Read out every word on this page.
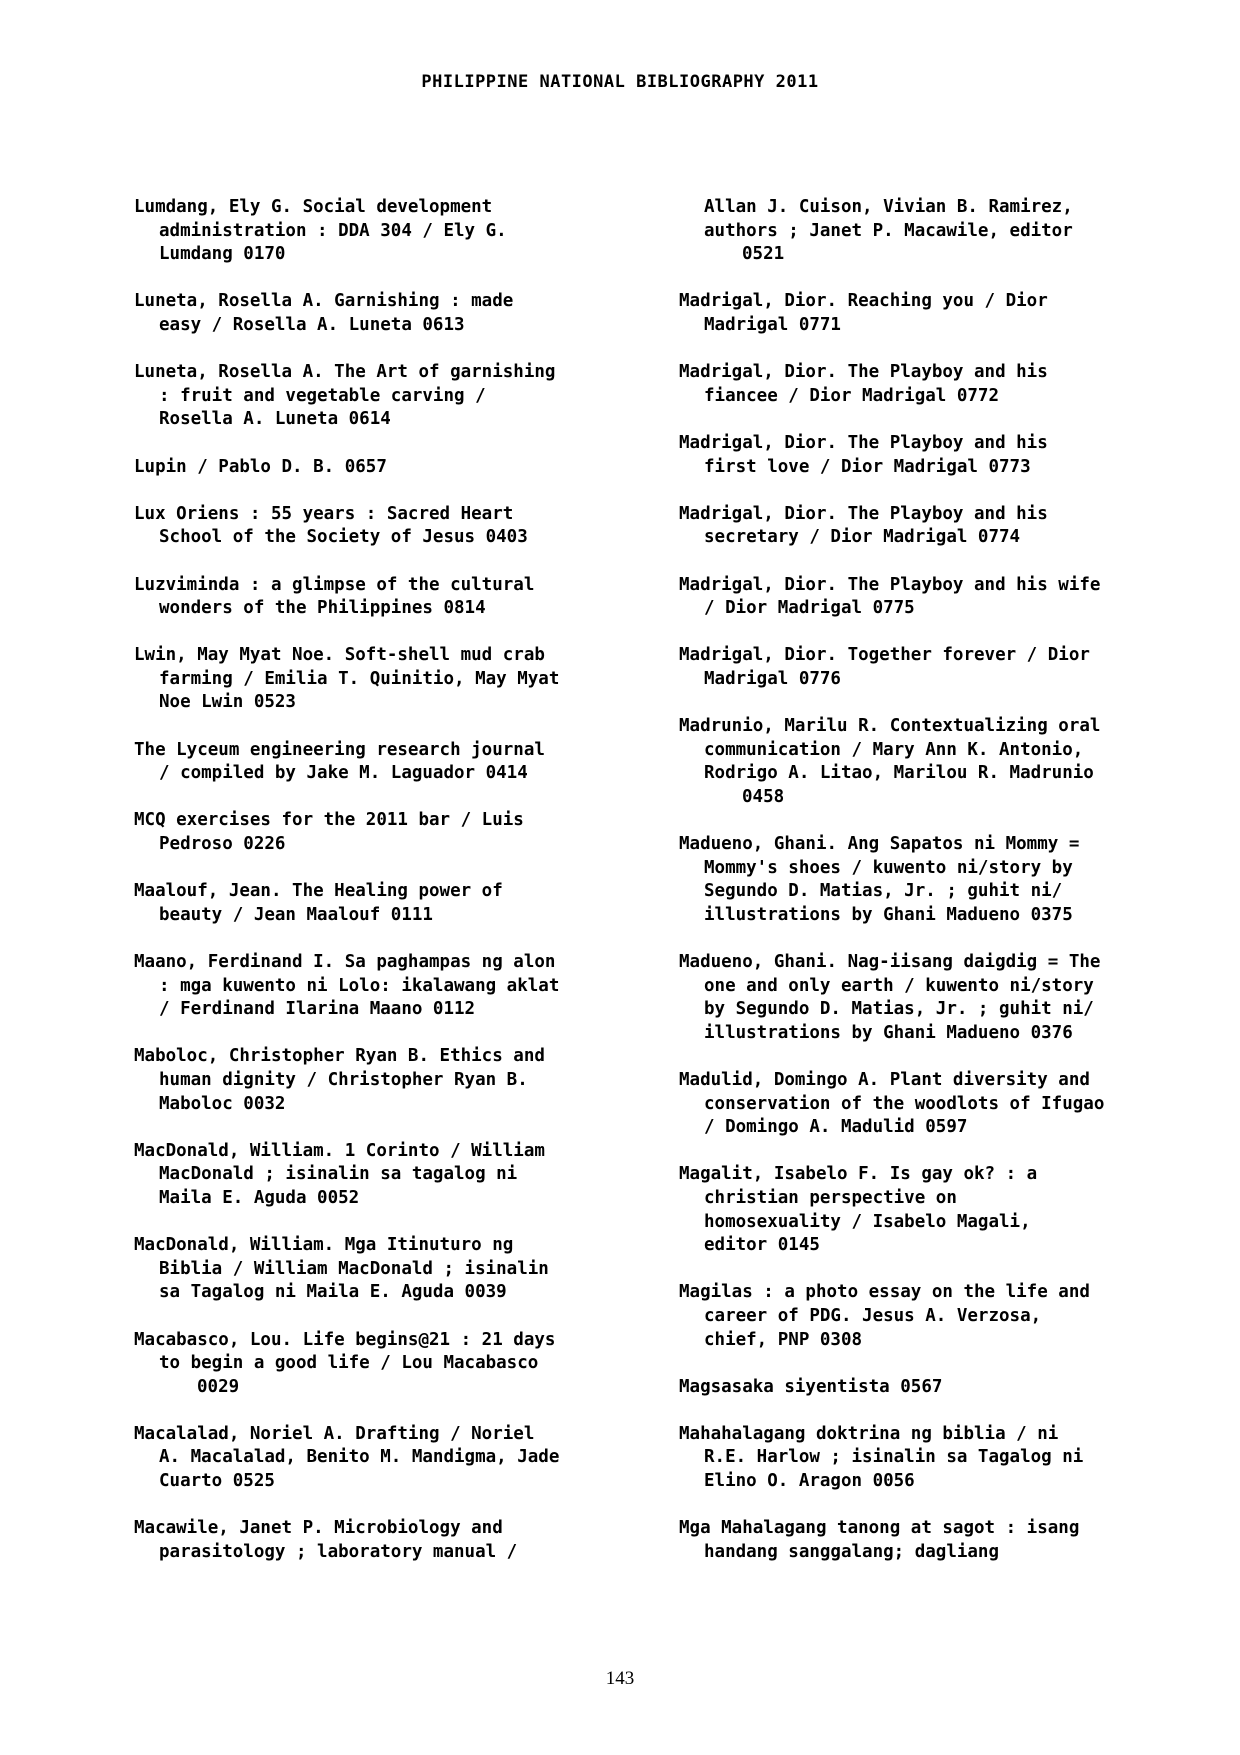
PHILIPPINE NATIONAL BIBLIOGRAPHY 2011
Lumdang, Ely G. Social development
administration : DDA 304 / Ely G.
Lumdang 0170
Luneta, Rosella A. Garnishing : made
easy / Rosella A. Luneta 0613
Luneta, Rosella A. The Art of garnishing
: fruit and vegetable carving /
Rosella A. Luneta 0614
Lupin / Pablo D. B. 0657
Lux Oriens : 55 years : Sacred Heart
School of the Society of Jesus 0403
Luzviminda : a glimpse of the cultural
wonders of the Philippines 0814
Lwin, May Myat Noe. Soft-shell mud crab
farming / Emilia T. Quinitio, May Myat
Noe Lwin 0523
The Lyceum engineering research journal
/ compiled by Jake M. Laguador 0414
MCQ exercises for the 2011 bar / Luis
Pedroso 0226
Maalouf, Jean. The Healing power of
beauty / Jean Maalouf 0111
Maano, Ferdinand I. Sa paghampas ng alon
: mga kuwento ni Lolo: ikalawang aklat
/ Ferdinand Ilarina Maano 0112
Maboloc, Christopher Ryan B. Ethics and
human dignity / Christopher Ryan B.
Maboloc 0032
MacDonald, William. 1 Corinto / William
MacDonald ; isinalin sa tagalog ni
Maila E. Aguda 0052
MacDonald, William. Mga Itinuturo ng
Biblia / William MacDonald ; isinalin
sa Tagalog ni Maila E. Aguda 0039
Macabasco, Lou. Life begins@21 : 21 days
to begin a good life / Lou Macabasco
0029
Macalalad, Noriel A. Drafting / Noriel
A. Macalalad, Benito M. Mandigma, Jade
Cuarto 0525
Macawile, Janet P. Microbiology and
parasitology ; laboratory manual /
Allan J. Cuison, Vivian B. Ramirez,
authors ; Janet P. Macawile, editor
0521
Madrigal, Dior. Reaching you / Dior
Madrigal 0771
Madrigal, Dior. The Playboy and his
fiancee / Dior Madrigal 0772
Madrigal, Dior. The Playboy and his
first love / Dior Madrigal 0773
Madrigal, Dior. The Playboy and his
secretary / Dior Madrigal 0774
Madrigal, Dior. The Playboy and his wife
/ Dior Madrigal 0775
Madrigal, Dior. Together forever / Dior
Madrigal 0776
Madrunio, Marilu R. Contextualizing oral
communication / Mary Ann K. Antonio,
Rodrigo A. Litao, Marilou R. Madrunio
0458
Madueno, Ghani. Ang Sapatos ni Mommy =
Mommy's shoes / kuwento ni/story by
Segundo D. Matias, Jr. ; guhit ni/
illustrations by Ghani Madueno 0375
Madueno, Ghani. Nag-iisang daigdig = The
one and only earth / kuwento ni/story
by Segundo D. Matias, Jr. ; guhit ni/
illustrations by Ghani Madueno 0376
Madulid, Domingo A. Plant diversity and
conservation of the woodlots of Ifugao
/ Domingo A. Madulid 0597
Magalit, Isabelo F. Is gay ok? : a
christian perspective on
homosexuality / Isabelo Magali,
editor 0145
Magilas : a photo essay on the life and
career of PDG. Jesus A. Verzosa,
chief, PNP 0308
Magsasaka siyentista 0567
Mahahalagang doktrina ng biblia / ni
R.E. Harlow ; isinalin sa Tagalog ni
Elino O. Aragon 0056
Mga Mahalagang tanong at sagot : isang
handang sanggalang; dagliang
143
